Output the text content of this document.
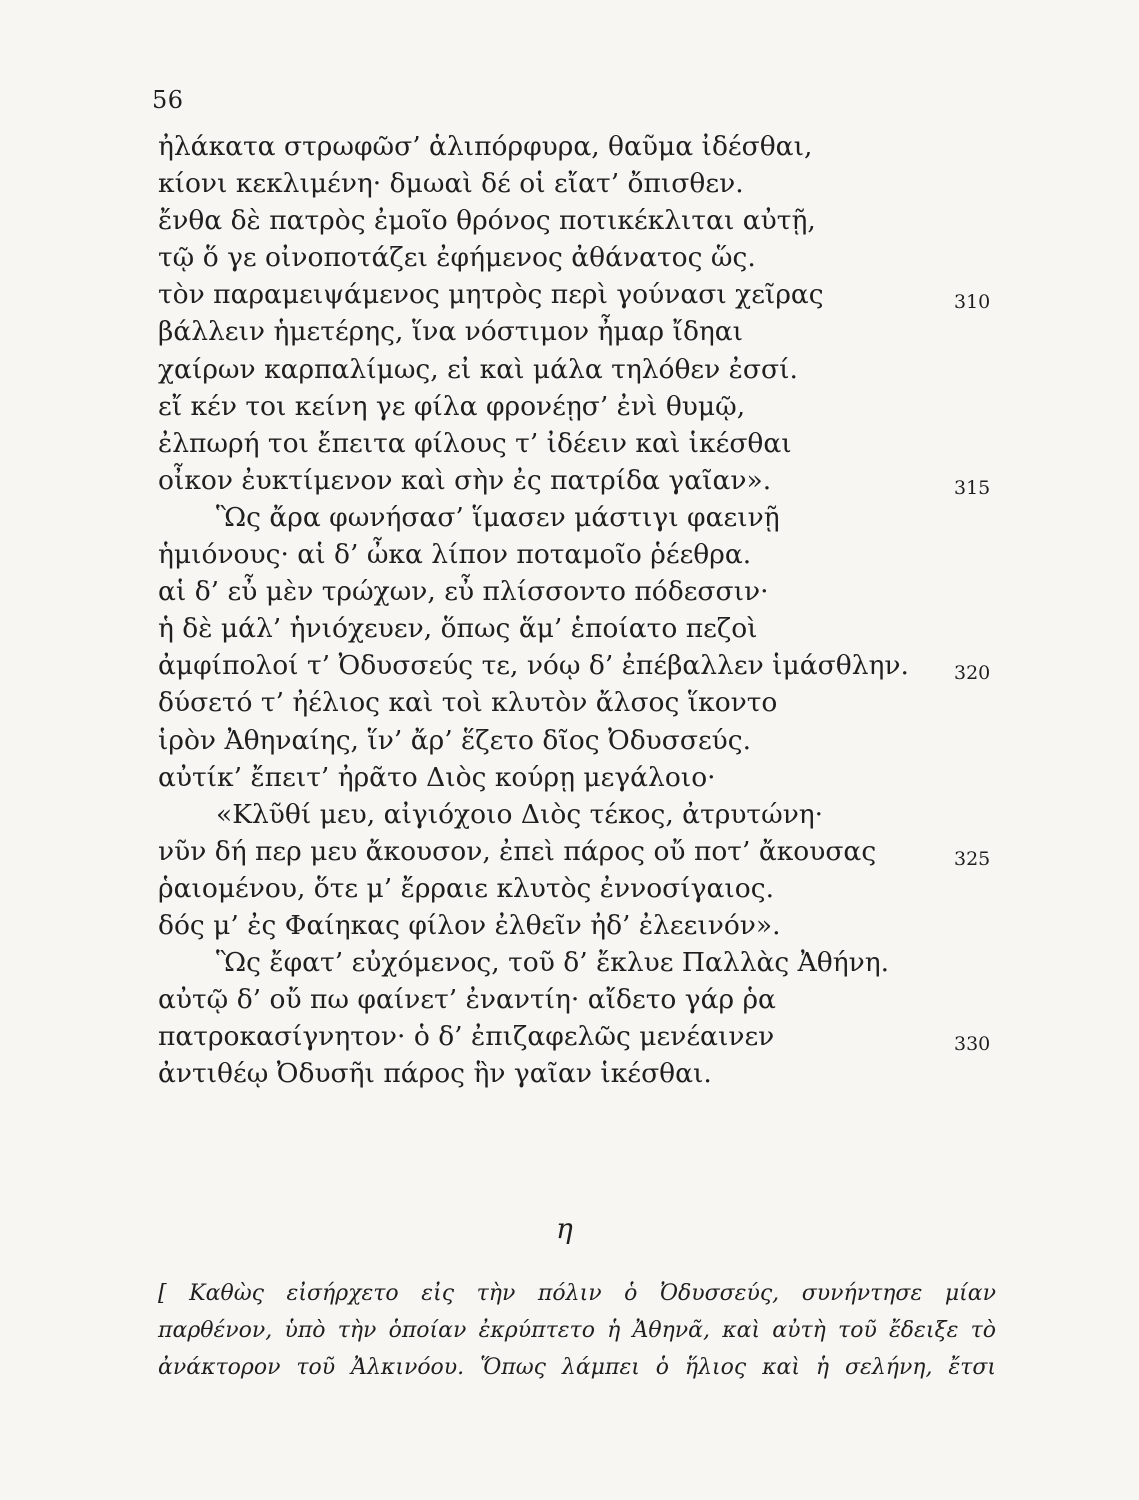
56
ἠλάκατα στρωφῶσ’ ἁλιπόρφυρα, θαῦμα ἰδέσθαι,
κίονι κεκλιμένη· δμωαὶ δέ οἱ εἴατ’ ὄπισθεν.
ἔνθα δὲ πατρὸς ἐμοῖο θρόνος ποτικέκλιται αὐτῇ,
τῷ ὅ γε οἰνοποτάζει ἐφήμενος ἀθάνατος ὥς.
τὸν παραμειψάμενος μητρὸς περὶ γούνασι χεῖρας	310
βάλλειν ἡμετέρης, ἵνα νόστιμον ἦμαρ ἴδηαι
χαίρων καρπαλίμως, εἰ καὶ μάλα τηλόθεν ἐσσί.
εἴ κέν τοι κείνη γε φίλα φρονέῃσ’ ἐνὶ θυμῷ,
ἐλπωρή τοι ἔπειτα φίλους τ’ ἰδέειν καὶ ἱκέσθαι
οἶκον ἐυκτίμενον καὶ σὴν ἐς πατρίδα γαῖαν».	315
Ὣς ἄρα φωνήσασ’ ἵμασεν μάστιγι φαεινῇ
ἡμιόνους· αἱ δ’ ὦκα λίπον ποταμοῖο ῥέεθρα.
αἱ δ’ εὖ μὲν τρώχων, εὖ πλίσσοντο πόδεσσιν·
ἡ δὲ μάλ’ ἡνιόχευεν, ὅπως ἅμ’ ἑποίατο πεζοὶ
ἀμφίπολοί τ’ Ὀδυσσεύς τε, νόῳ δ’ ἐπέβαλλεν ἱμάσθλην. 320
δύσετό τ’ ἠέλιος καὶ τοὶ κλυτὸν ἄλσος ἵκοντο
ἱρὸν Ἀθηναίης, ἵν’ ἄρ’ ἕζετο δῖος Ὀδυσσεύς.
αὐτίκ’ ἔπειτ’ ἠρᾶτο Διὸς κούρῃ μεγάλοιο·
«Κλῦθί μευ, αἰγιόχοιο Διὸς τέκος, ἀτρυτώνη·
νῦν δή περ μευ ἄκουσον, ἐπεὶ πάρος οὔ ποτ’ ἄκουσας	325
ῥαιομένου, ὅτε μ’ ἔρραιε κλυτὸς ἐννοσίγαιος.
δός μ’ ἐς Φαίηκας φίλον ἐλθεῖν ἠδ’ ἐλεεινόν».
Ὣς ἔφατ’ εὐχόμενος, τοῦ δ’ ἔκλυε Παλλὰς Ἀθήνη.
αὐτῷ δ’ οὔ πω φαίνετ’ ἐναντίη· αἴδετο γάρ ῥα
πατροκασίγνητον· ὁ δ’ ἐπιζαφελῶς μενέαινεν	330
ἀντιθέῳ Ὀδυσῆι πάρος ἣν γαῖαν ἱκέσθαι.
η
[ Καθὼς εἰσήρχετο εἰς τὴν πόλιν ὁ Ὀδυσσεύς, συνήντησε μίαν
παρθένον, ὑπὸ τὴν ὁποίαν ἐκρύπτετο ἡ Ἀθηνᾶ, καὶ αὐτὴ τοῦ ἔδειξε τὸ
ἀνάκτορον τοῦ Ἀλκινόου. Ὅπως λάμπει ὁ ἥλιος καὶ ἡ σελήνη, ἔτσι
